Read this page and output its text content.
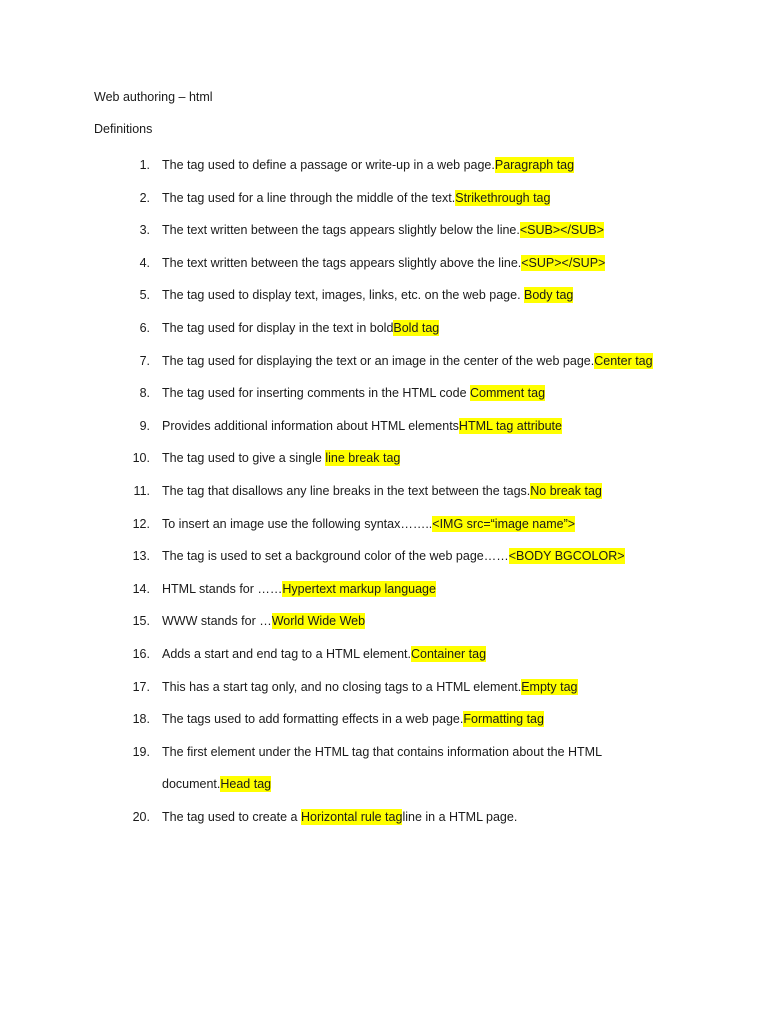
Web authoring – html
Definitions
1. The tag used to define a passage or write-up in a web page.Paragraph tag
2. The tag used for a line through the middle of the text.Strikethrough tag
3. The text written between the tags appears slightly below the line.<SUB></SUB>
4. The text written between the tags appears slightly above the line.<SUP></SUP>
5. The tag used to display text, images, links, etc. on the web page. Body tag
6. The tag used for display in the text in boldBold tag
7. The tag used for displaying the text or an image in the center of the web page.Center tag
8. The tag used for inserting comments in the HTML code Comment tag
9. Provides additional information about HTML elementsHTML tag attribute
10. The tag used to give a single line break tag
11. The tag that disallows any line breaks in the text between the tags.No break tag
12. To insert an image use the following syntax……..<IMG src=“image name”>
13. The tag is used to set a background color of the web page……<BODY BGCOLOR>
14. HTML stands for ……Hypertext markup language
15. WWW stands for …World Wide Web
16. Adds a start and end tag to a HTML element.Container tag
17. This has a start tag only, and no closing tags to a HTML element.Empty tag
18. The tags used to add formatting effects in a web page.Formatting tag
19. The first element under the HTML tag that contains information about the HTML
document.Head tag
20. The tag used to create a Horizontal rule tagline in a HTML page.
